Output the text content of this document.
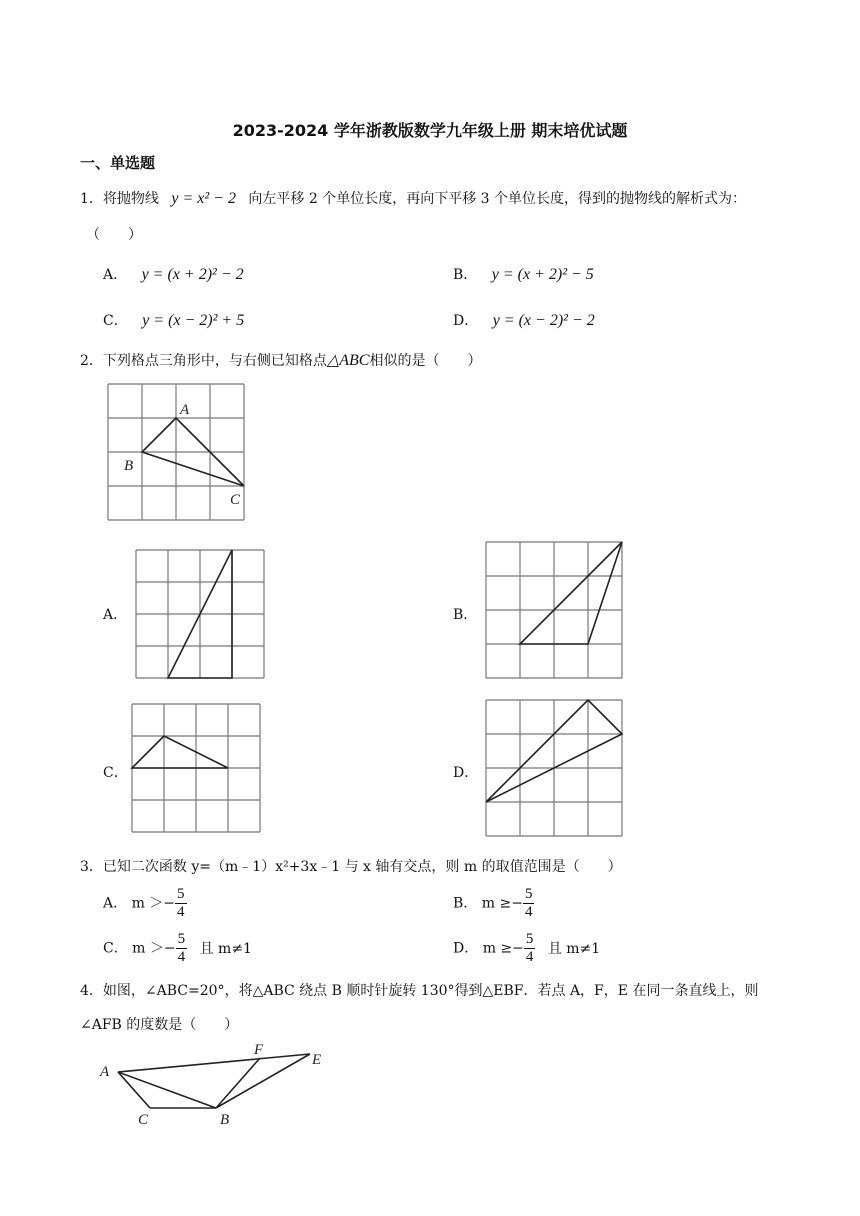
2023-2024 学年浙教版数学九年级上册 期末培优试题
一、单选题
1．将抛物线 y = x² − 2 向左平移 2 个单位长度，再向下平移 3 个单位长度，得到的抛物线的解析式为：
（　　）
A． y = (x + 2)² − 2	B． y = (x + 2)² − 5
C． y = (x − 2)² + 5	D． y = (x − 2)² − 2
2．下列格点三角形中，与右侧已知格点△ABC相似的是（　　）
A
B
C
A．	B．
C．	D．
3．已知二次函数 y=（m﹣1）x²+3x﹣1 与 x 轴有交点，则 m 的取值范围是（　　）
A． $m >- \frac{5}{4}$	B． $m \ge- \frac{5}{4}$
C． $m >- \frac{5}{4}$ 且 m≠1	D． $m \ge- \frac{5}{4}$ 且 m≠1
4．如图，∠ABC=20°，将△ABC 绕点 B 顺时针旋转 130°得到△EBF．若点 A，F，E 在同一条直线上，则
∠AFB 的度数是（　　）
A
F
E
C	B
